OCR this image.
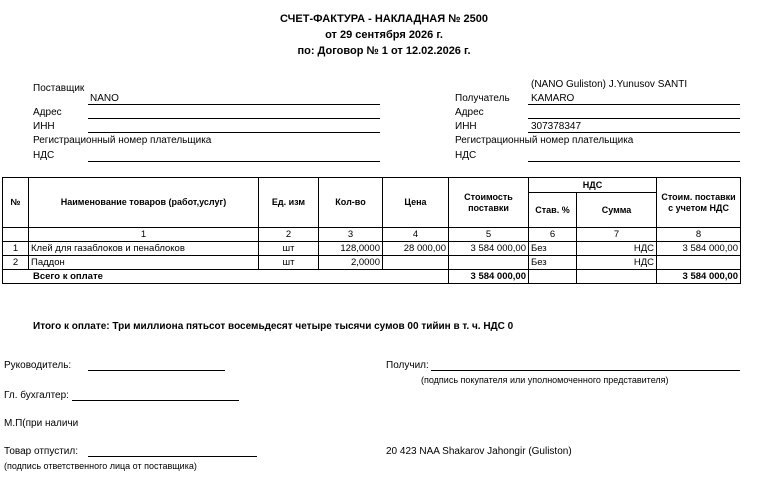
СЧЕТ-ФАКТУРА - НАКЛАДНАЯ № 2500
от 29 сентября 2026 г.
по: Договор № 1 от 12.02.2026 г.
Поставщик
NANO
Адрес
ИНН
Регистрационный номер плательщика
НДС
(NANO Guliston) J.Yunusov SANTI
Получатель KAMARO
Адрес
ИНН	307378347
Регистрационный номер плательщика
НДС
№	Наименование товаров (работ,услуг)	Ед. изм	Кол-во	Цена	Стоимость поставки	НДС		Стоим. поставки с учетом НДС
						Став. %	Сумма	
	1	2	3	4	5	6	7	8
1	Клей для газаблоков и пенаблоков	шт	128,0000	28 000,00	3 584 000,00	Без	НДС	3 584 000,00
2	Паддон	шт	2,0000			Без	НДС	
Всего к оплате					3 584 000,00			3 584 000,00
Итого к оплате: Три миллиона пятьсот восемьдесят четыре тысячи сумов 00 тийин в т. ч. НДС 0
Руководитель:	Получил:
(подпись покупателя или уполномоченного представителя)
Гл. бухгалтер:
М.П(при наличи
Товар отпустил:
(подпись ответственного лица от поставщика)
20 423 NAA Shakarov Jahongir (Guliston)
